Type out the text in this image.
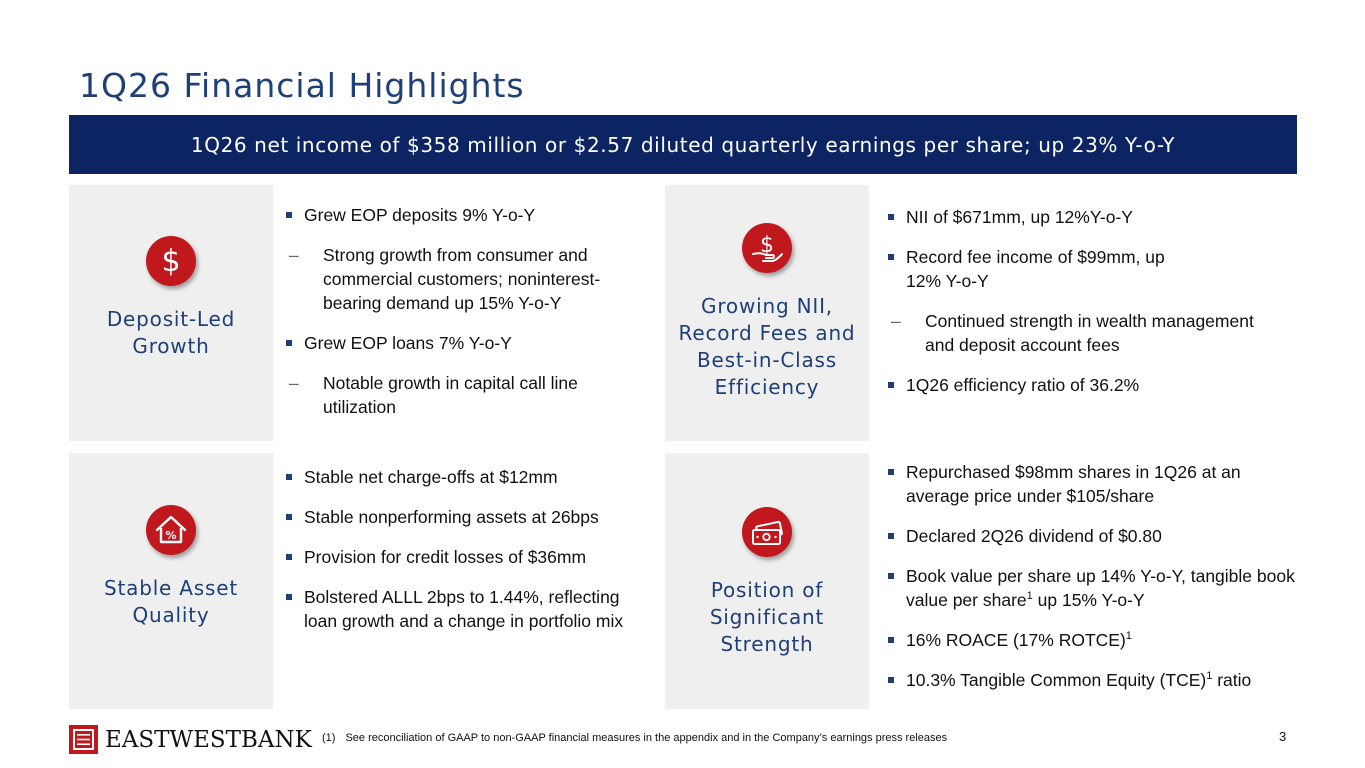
1Q26 Financial Highlights
1Q26 net income of $358 million or $2.57 diluted quarterly earnings per share; up 23% Y-o-Y
$
Deposit-Led
Growth
Grew EOP deposits 9% Y-o-Y
– Strong growth from consumer and commercial customers; noninterest-bearing demand up 15% Y-o-Y
Grew EOP loans 7% Y-o-Y
– Notable growth in capital call line utilization
$
Growing NII,
Record Fees and
Best-in-Class
Efficiency
NII of $671mm, up 12%Y-o-Y
Record fee income of $99mm, up 12% Y-o-Y
– Continued strength in wealth management and deposit account fees
1Q26 efficiency ratio of 36.2%
%
Stable Asset
Quality
Stable net charge-offs at $12mm
Stable nonperforming assets at 26bps
Provision for credit losses of $36mm
Bolstered ALLL 2bps to 1.44%, reflecting loan growth and a change in portfolio mix
Position of
Significant
Strength
Repurchased $98mm shares in 1Q26 at an average price under $105/share
Declared 2Q26 dividend of $0.80
Book value per share up 14% Y-o-Y, tangible book value per share$^1$ up 15% Y-o-Y
16% ROACE (17% ROTCE)$^1$
10.3% Tangible Common Equity (TCE)$^1$ ratio
EASTWESTBANK (1) See reconciliation of GAAP to non-GAAP financial measures in the appendix and in the Company’s earnings press releases	3
